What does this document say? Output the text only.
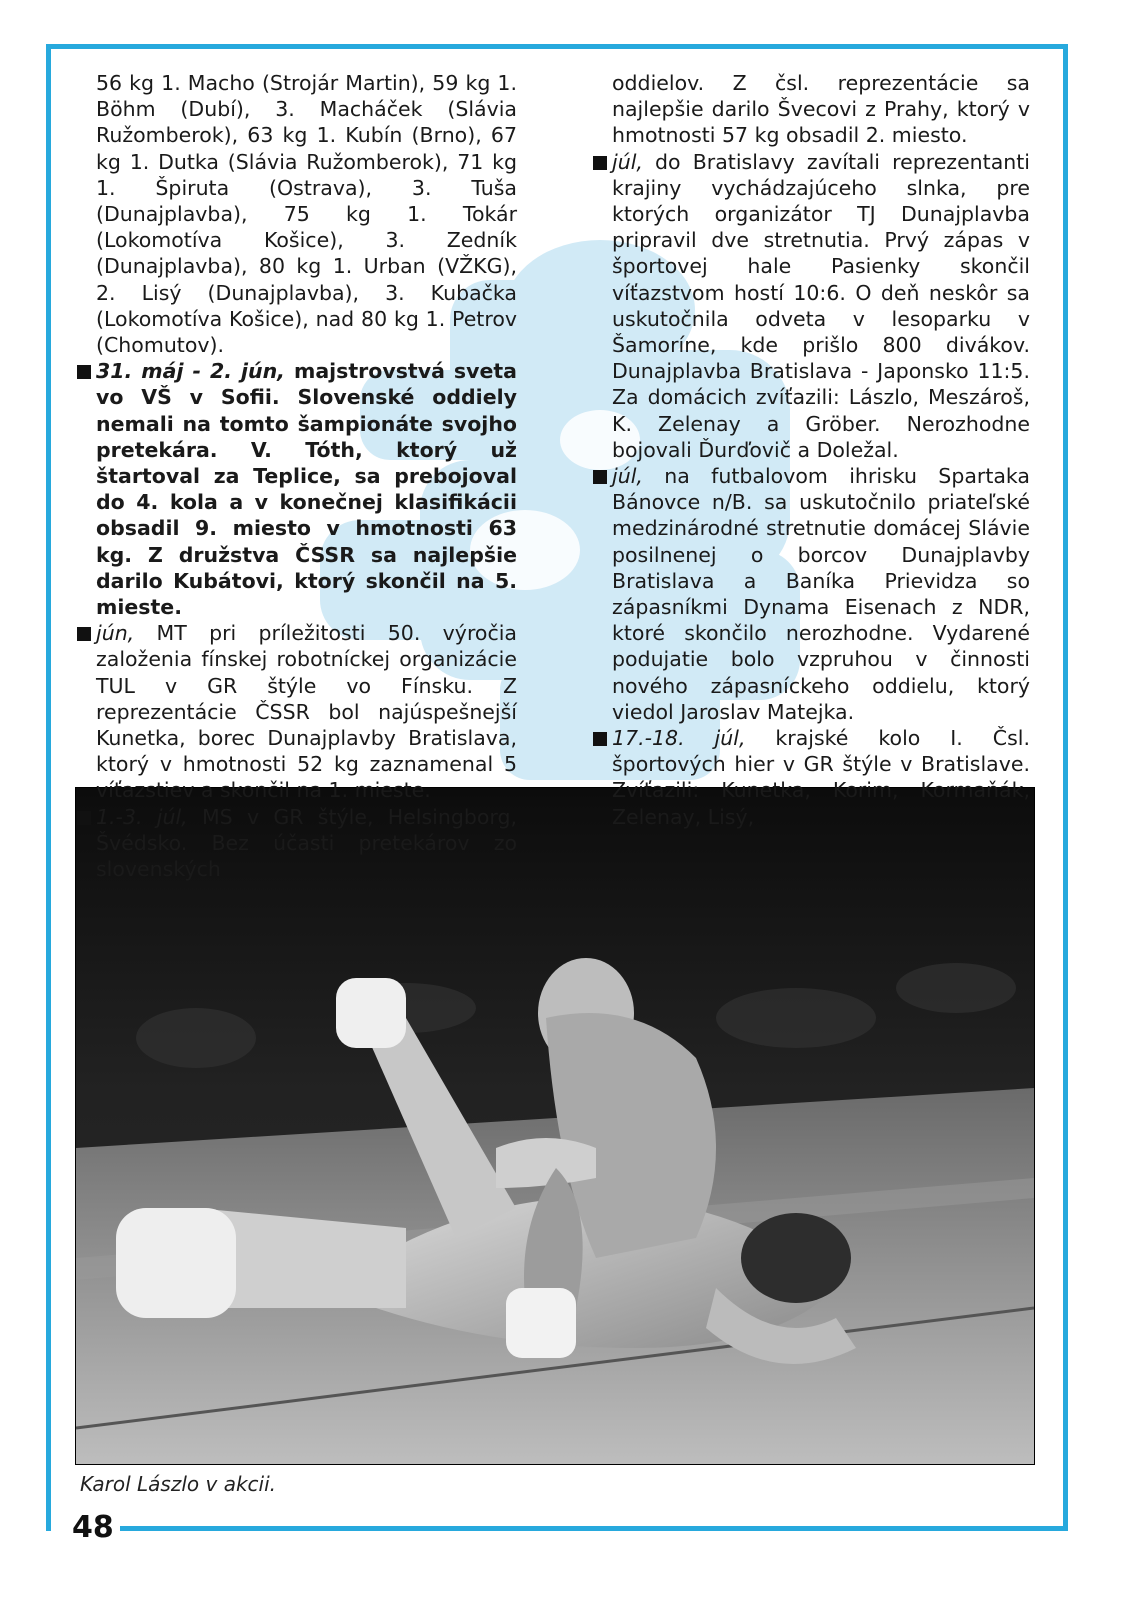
56 kg 1. Macho (Strojár Martin), 59 kg 1. Böhm (Dubí), 3. Macháček (Slávia Ružomberok), 63 kg 1. Kubín (Brno), 67 kg 1. Dutka (Slávia Ružomberok), 71 kg 1. Špiruta (Ostrava), 3. Tuša (Dunajplavba), 75 kg 1. Tokár (Lokomotíva Košice), 3. Zedník (Dunajplavba), 80 kg 1. Urban (VŽKG), 2. Lisý (Dunajplavba), 3. Kubačka (Lokomotíva Košice), nad 80 kg 1. Petrov (Chomutov).
31. máj - 2. jún, majstrovstvá sveta vo VŠ v Sofii. Slovenské oddiely nemali na tomto šampionáte svojho pretekára. V. Tóth, ktorý už štartoval za Teplice, sa prebojoval do 4. kola a v konečnej klasifikácii obsadil 9. miesto v hmotnosti 63 kg. Z družstva ČSSR sa najlepšie darilo Kubátovi, ktorý skončil na 5. mieste.
jún, MT pri príležitosti 50. výročia založenia fínskej robotníckej organizácie TUL v GR štýle vo Fínsku. Z reprezentácie ČSSR bol najúspešnejší Kunetka, borec Dunajplavby Bratislava, ktorý v hmotnosti 52 kg zaznamenal 5 víťazstiev a skončil na 1. mieste.
1.-3. júl, MS v GR štýle, Helsingborg, Švédsko. Bez účasti pretekárov zo slovenských
oddielov. Z čsl. reprezentácie sa najlepšie darilo Švecovi z Prahy, ktorý v hmotnosti 57 kg obsadil 2. miesto.
júl, do Bratislavy zavítali reprezentanti krajiny vychádzajúceho slnka, pre ktorých organizátor TJ Dunajplavba pripravil dve stretnutia. Prvý zápas v športovej hale Pasienky skončil víťazstvom hostí 10:6. O deň neskôr sa uskutočnila odveta v lesoparku v Šamoríne, kde prišlo 800 divákov. Dunajplavba Bratislava - Japonsko 11:5. Za domácich zvíťazili: Lászlo, Meszároš, K. Zelenay a Gröber. Nerozhodne bojovali Ďurďovič a Doležal.
júl, na futbalovom ihrisku Spartaka Bánovce n/B. sa uskutočnilo priateľské medzinárodné stretnutie domácej Slávie posilnenej o borcov Dunajplavby Bratislava a Baníka Prievidza so zápasníkmi Dynama Eisenach z NDR, ktoré skončilo nerozhodne. Vydarené podujatie bolo vzpruhou v činnosti nového zápasníckeho oddielu, ktorý viedol Jaroslav Matejka.
17.-18. júl, krajské kolo I. Čsl. športových hier v GR štýle v Bratislave. Zvíťazili: Kunetka, Korim, Kormaňák, Zelenay, Lisý,
Karol Lászlo v akcii.
48
